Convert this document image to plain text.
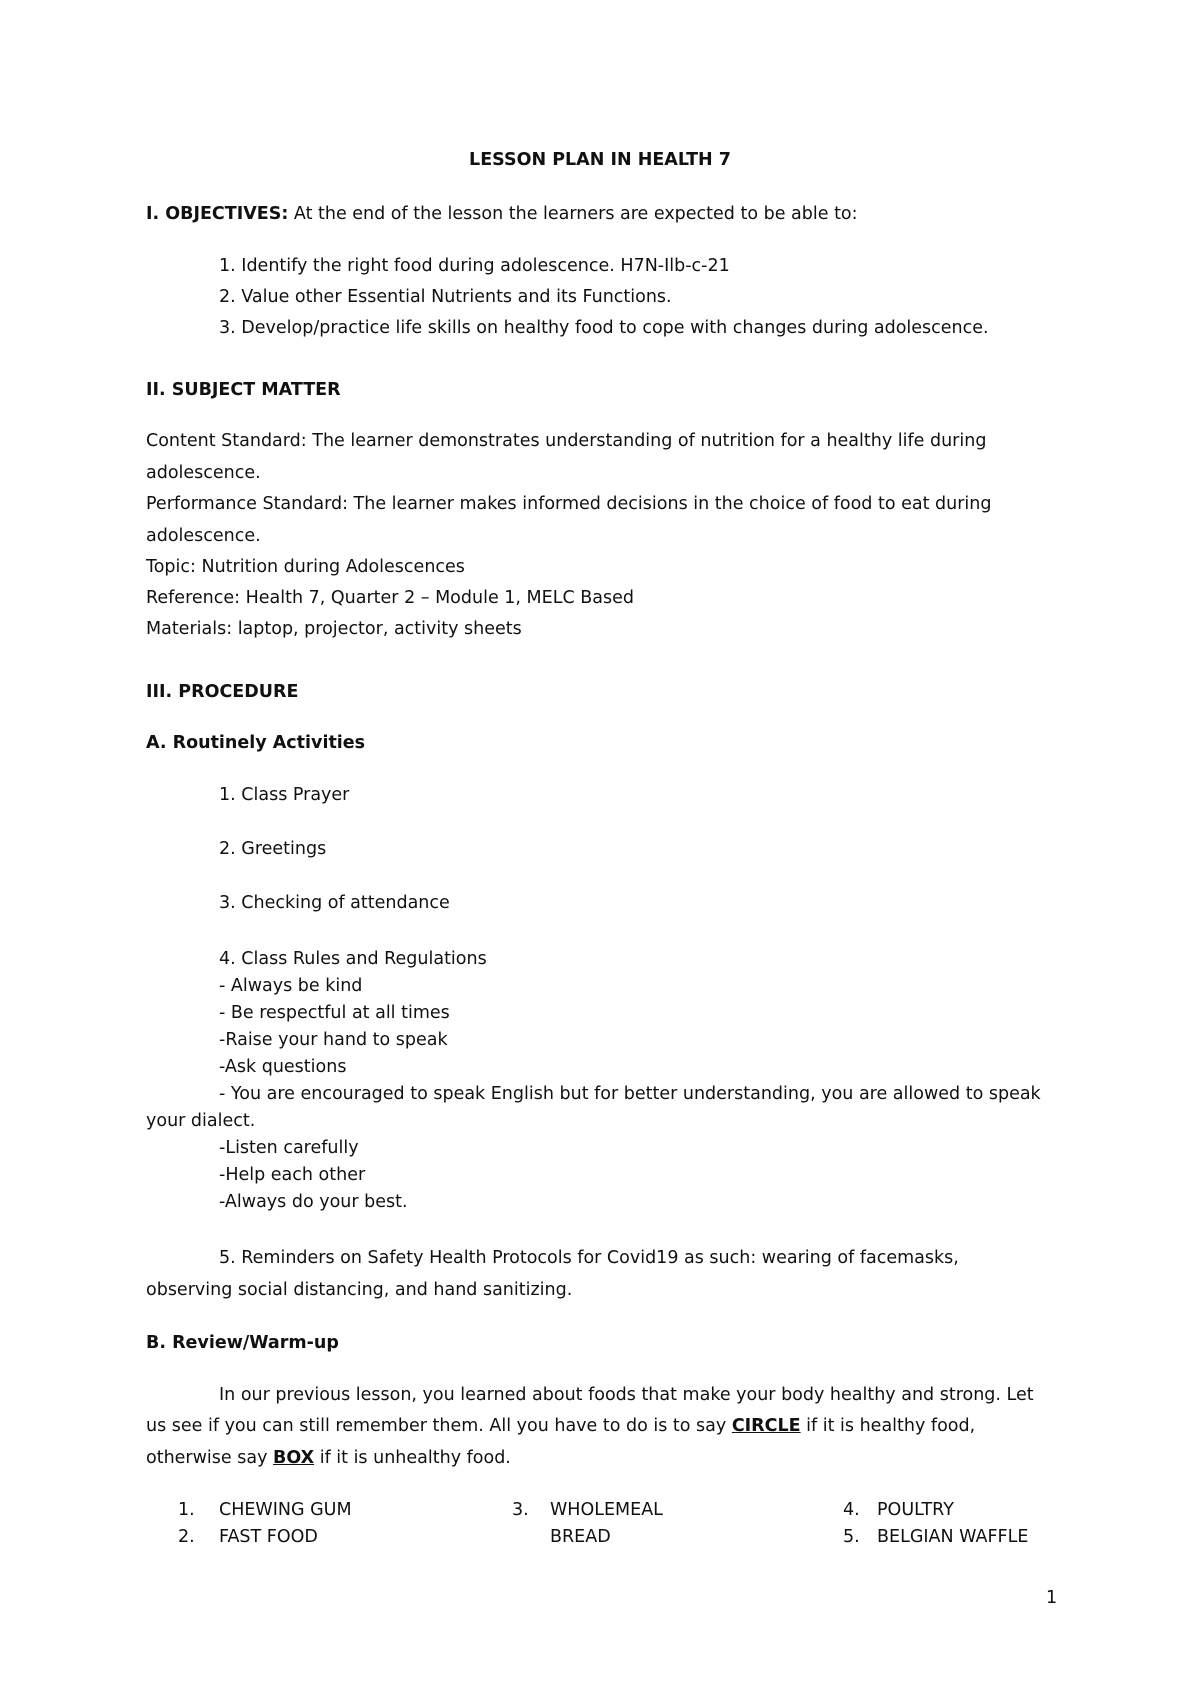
LESSON PLAN IN HEALTH 7
I. OBJECTIVES: At the end of the lesson the learners are expected to be able to:
1. Identify the right food during adolescence. H7N-Ilb-c-21
2. Value other Essential Nutrients and its Functions.
3. Develop/practice life skills on healthy food to cope with changes during adolescence.
II. SUBJECT MATTER
Content Standard: The learner demonstrates understanding of nutrition for a healthy life during
adolescence.
Performance Standard: The learner makes informed decisions in the choice of food to eat during
adolescence.
Topic: Nutrition during Adolescences
Reference: Health 7, Quarter 2 – Module 1, MELC Based
Materials: laptop, projector, activity sheets
III. PROCEDURE
A. Routinely Activities
1. Class Prayer
2. Greetings
3. Checking of attendance
4. Class Rules and Regulations
- Always be kind
- Be respectful at all times
-Raise your hand to speak
-Ask questions
- You are encouraged to speak English but for better understanding, you are allowed to speak
your dialect.
-Listen carefully
-Help each other
-Always do your best.
5. Reminders on Safety Health Protocols for Covid19 as such: wearing of facemasks,
observing social distancing, and hand sanitizing.
B. Review/Warm-up
In our previous lesson, you learned about foods that make your body healthy and strong. Let
us see if you can still remember them. All you have to do is to say CIRCLE if it is healthy food,
otherwise say BOX if it is unhealthy food.
1. CHEWING GUM
2. FAST FOOD
3. WHOLEMEAL
BREAD
4. POULTRY
5. BELGIAN WAFFLE
1
